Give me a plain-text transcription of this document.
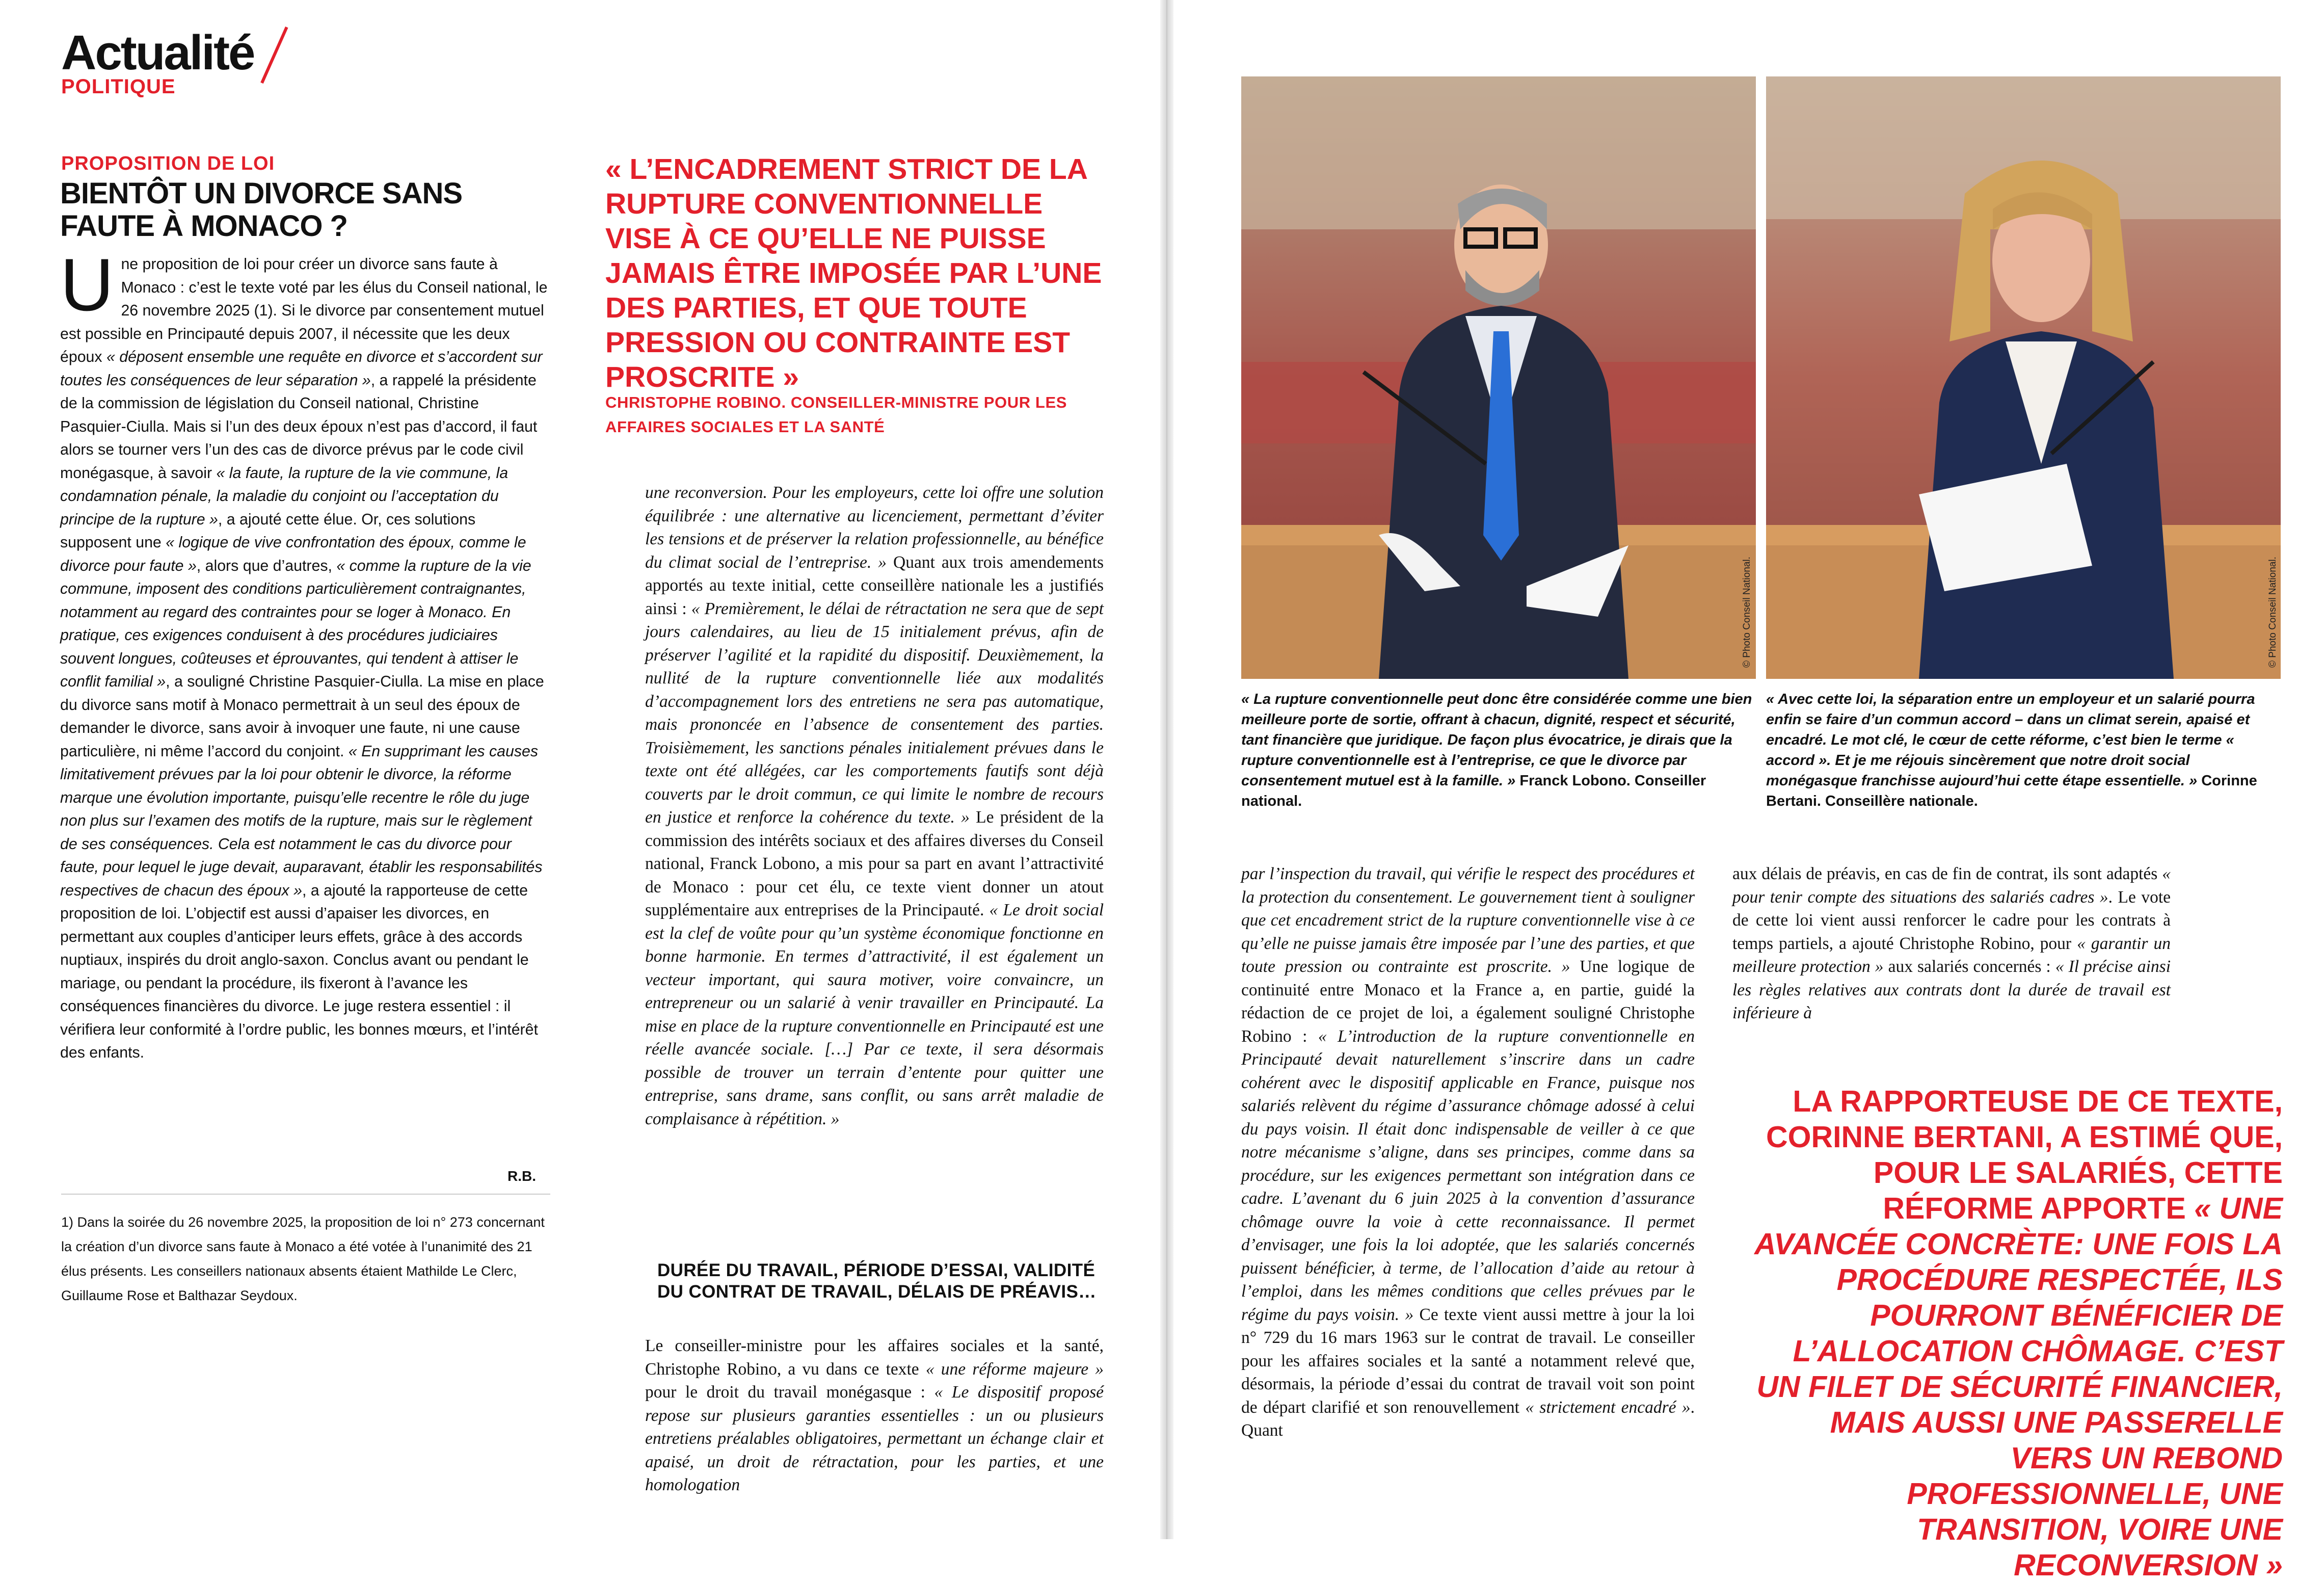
Actualité
POLITIQUE
PROPOSITION DE LOI
BIENTÔT UN DIVORCE SANS FAUTE À MONACO ?

Une proposition de loi pour créer un divorce sans faute à Monaco : c’est le texte voté par les élus du Conseil national, le 26 novembre 2025 (1). Si le divorce par consentement mutuel est possible en Principauté depuis 2007, il nécessite que les deux époux « déposent ensemble une requête en divorce et s’accordent sur toutes les conséquences de leur séparation », a rappelé la présidente de la commission de législation du Conseil national, Christine Pasquier-Ciulla. Mais si l’un des deux époux n’est pas d’accord, il faut alors se tourner vers l’un des cas de divorce prévus par le code civil monégasque, à savoir « la faute, la rupture de la vie commune, la condamnation pénale, la maladie du conjoint ou l’acceptation du principe de la rupture », a ajouté cette élue. Or, ces solutions supposent une « logique de vive confrontation des époux, comme le divorce pour faute », alors que d’autres, « comme la rupture de la vie commune, imposent des conditions particulièrement contraignantes, notamment au regard des contraintes pour se loger à Monaco. En pratique, ces exigences conduisent à des procédures judiciaires souvent longues, coûteuses et éprouvantes, qui tendent à attiser le conflit familial », a souligné Christine Pasquier-Ciulla. La mise en place du divorce sans motif à Monaco permettrait à un seul des époux de demander le divorce, sans avoir à invoquer une faute, ni une cause particulière, ni même l’accord du conjoint. « En supprimant les causes limitativement prévues par la loi pour obtenir le divorce, la réforme marque une évolution importante, puisqu’elle recentre le rôle du juge non plus sur l’examen des motifs de la rupture, mais sur le règlement de ses conséquences. Cela est notamment le cas du divorce pour faute, pour lequel le juge devait, auparavant, établir les responsabilités respectives de chacun des époux », a ajouté la rapporteuse de cette proposition de loi. L’objectif est aussi d’apaiser les divorces, en permettant aux couples d’anticiper leurs effets, grâce à des accords nuptiaux, inspirés du droit anglo-saxon. Conclus avant ou pendant le mariage, ou pendant la procédure, ils fixeront à l’avance les conséquences financières du divorce. Le juge restera essentiel : il vérifiera leur conformité à l’ordre public, les bonnes mœurs, et l’intérêt des enfants.

R.B.

1) Dans la soirée du 26 novembre 2025, la proposition de loi n° 273 concernant la création d’un divorce sans faute à Monaco a été votée à l’unanimité des 21 élus présents. Les conseillers nationaux absents étaient Mathilde Le Clerc, Guillaume Rose et Balthazar Seydoux.

« L’ENCADREMENT STRICT DE LA RUPTURE CONVENTIONNELLE VISE À CE QU’ELLE NE PUISSE JAMAIS ÊTRE IMPOSÉE PAR L’UNE DES PARTIES, ET QUE TOUTE PRESSION OU CONTRAINTE EST PROSCRITE »

CHRISTOPHE ROBINO. CONSEILLER-MINISTRE POUR LES AFFAIRES SOCIALES ET LA SANTÉ

une reconversion. Pour les employeurs, cette loi offre une solution équilibrée : une alternative au licenciement, permettant d’éviter les tensions et de préserver la relation professionnelle, au bénéfice du climat social de l’entreprise. » Quant aux trois amendements apportés au texte initial, cette conseillère nationale les a justifiés ainsi : « Premièrement, le délai de rétractation ne sera que de sept jours calendaires, au lieu de 15 initialement prévus, afin de préserver l’agilité et la rapidité du dispositif. Deuxièmement, la nullité de la rupture conventionnelle liée aux modalités d’accompagnement lors des entretiens ne sera pas automatique, mais prononcée en l’absence de consentement des parties. Troisièmement, les sanctions pénales initialement prévues dans le texte ont été allégées, car les comportements fautifs sont déjà couverts par le droit commun, ce qui limite le nombre de recours en justice et renforce la cohérence du texte. » Le président de la commission des intérêts sociaux et des affaires diverses du Conseil national, Franck Lobono, a mis pour sa part en avant l’attractivité de Monaco : pour cet élu, ce texte vient donner un atout supplémentaire aux entreprises de la Principauté. « Le droit social est la clef de voûte pour qu’un système économique fonctionne en bonne harmonie. En termes d’attractivité, il est également un vecteur important, qui saura motiver, voire convaincre, un entrepreneur ou un salarié à venir travailler en Principauté. La mise en place de la rupture conventionnelle en Principauté est une réelle avancée sociale. […] Par ce texte, il sera désormais possible de trouver un terrain d’entente pour quitter une entreprise, sans drame, sans conflit, ou sans arrêt maladie de complaisance à répétition. »

DURÉE DU TRAVAIL, PÉRIODE D’ESSAI, VALIDITÉ DU CONTRAT DE TRAVAIL, DÉLAIS DE PRÉAVIS…

Le conseiller-ministre pour les affaires sociales et la santé, Christophe Robino, a vu dans ce texte « une réforme majeure » pour le droit du travail monégasque : « Le dispositif proposé repose sur plusieurs garanties essentielles : un ou plusieurs entretiens préalables obligatoires, permettant un échange clair et apaisé, un droit de rétractation, pour les parties, et une homologation

© Photo Conseil National.	© Photo Conseil National.

« La rupture conventionnelle peut donc être considérée comme une bien meilleure porte de sortie, offrant à chacun, dignité, respect et sécurité, tant financière que juridique. De façon plus évocatrice, je dirais que la rupture conventionnelle est à l’entreprise, ce que le divorce par consentement mutuel est à la famille. » Franck Lobono. Conseiller national.

« Avec cette loi, la séparation entre un employeur et un salarié pourra enfin se faire d’un commun accord – dans un climat serein, apaisé et encadré. Le mot clé, le cœur de cette réforme, c’est bien le terme « accord ». Et je me réjouis sincèrement que notre droit social monégasque franchisse aujourd’hui cette étape essentielle. » Corinne Bertani. Conseillère nationale.

par l’inspection du travail, qui vérifie le respect des procédures et la protection du consentement. Le gouvernement tient à souligner que cet encadrement strict de la rupture conventionnelle vise à ce qu’elle ne puisse jamais être imposée par l’une des parties, et que toute pression ou contrainte est proscrite. » Une logique de continuité entre Monaco et la France a, en partie, guidé la rédaction de ce projet de loi, a également souligné Christophe Robino : « L’introduction de la rupture conventionnelle en Principauté devait naturellement s’inscrire dans un cadre cohérent avec le dispositif applicable en France, puisque nos salariés relèvent du régime d’assurance chômage adossé à celui du pays voisin. Il était donc indispensable de veiller à ce que notre mécanisme s’aligne, dans ses principes, comme dans sa procédure, sur les exigences permettant son intégration dans ce cadre. L’avenant du 6 juin 2025 à la convention d’assurance chômage ouvre la voie à cette reconnaissance. Il permet d’envisager, une fois la loi adoptée, que les salariés concernés puissent bénéficier, à terme, de l’allocation d’aide au retour à l’emploi, dans les mêmes conditions que celles prévues par le régime du pays voisin. » Ce texte vient aussi mettre à jour la loi n° 729 du 16 mars 1963 sur le contrat de travail. Le conseiller pour les affaires sociales et la santé a notamment relevé que, désormais, la période d’essai du contrat de travail voit son point de départ clarifié et son renouvellement « strictement encadré ». Quant

aux délais de préavis, en cas de fin de contrat, ils sont adaptés « pour tenir compte des situations des salariés cadres ». Le vote de cette loi vient aussi renforcer le cadre pour les contrats à temps partiels, a ajouté Christophe Robino, pour « garantir un meilleure protection » aux salariés concernés : « Il précise ainsi les règles relatives aux contrats dont la durée de travail est inférieure à

LA RAPPORTEUSE DE CE TEXTE, CORINNE BERTANI, A ESTIMÉ QUE, POUR LE SALARIÉS, CETTE RÉFORME APPORTE « UNE AVANCÉE CONCRÈTE: UNE FOIS LA PROCÉDURE RESPECTÉE, ILS POURRONT BÉNÉFICIER DE L’ALLOCATION CHÔMAGE. C’EST UN FILET DE SÉCURITÉ FINANCIER, MAIS AUSSI UNE PASSERELLE VERS UN REBOND PROFESSIONNELLE, UNE TRANSITION, VOIRE UNE RECONVERSION »
